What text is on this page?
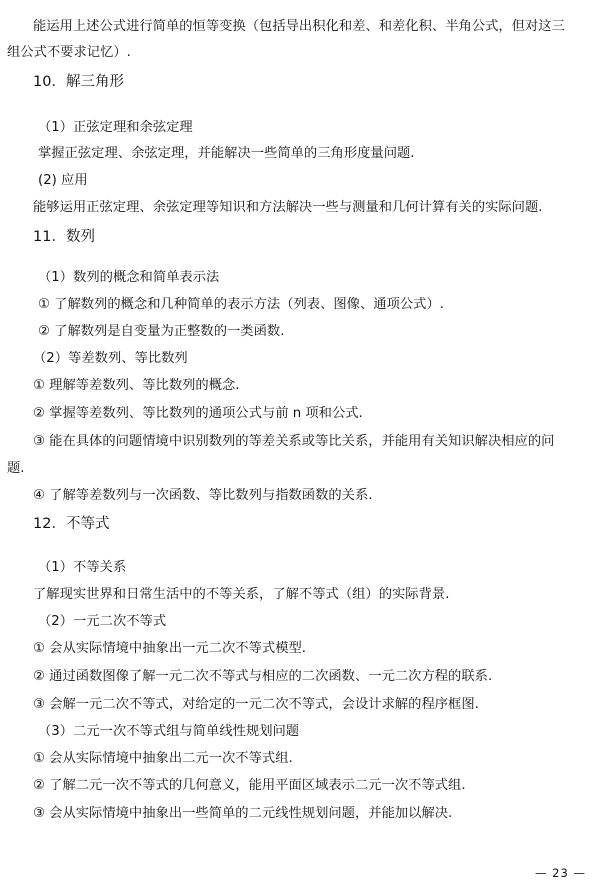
能运用上述公式进行简单的恒等变换（包括导出积化和差、和差化积、半角公式，但对这三
组公式不要求记忆）.
10．解三角形
（1）正弦定理和余弦定理
掌握正弦定理、余弦定理，并能解决一些简单的三角形度量问题.
(2) 应用
能够运用正弦定理、余弦定理等知识和方法解决一些与测量和几何计算有关的实际问题.
11．数列
（1）数列的概念和简单表示法
① 了解数列的概念和几种简单的表示方法（列表、图像、通项公式）.
② 了解数列是自变量为正整数的一类函数.
（2）等差数列、等比数列
① 理解等差数列、等比数列的概念.
② 掌握等差数列、等比数列的通项公式与前 n 项和公式.
③ 能在具体的问题情境中识别数列的等差关系或等比关系，并能用有关知识解决相应的问
题.
④ 了解等差数列与一次函数、等比数列与指数函数的关系.
12．不等式
（1）不等关系
了解现实世界和日常生活中的不等关系，了解不等式（组）的实际背景.
（2）一元二次不等式
① 会从实际情境中抽象出一元二次不等式模型.
② 通过函数图像了解一元二次不等式与相应的二次函数、一元二次方程的联系.
③ 会解一元二次不等式，对给定的一元二次不等式，会设计求解的程序框图.
（3）二元一次不等式组与简单线性规划问题
① 会从实际情境中抽象出二元一次不等式组.
② 了解二元一次不等式的几何意义，能用平面区域表示二元一次不等式组.
③ 会从实际情境中抽象出一些简单的二元线性规划问题，并能加以解决.
— 23 —
